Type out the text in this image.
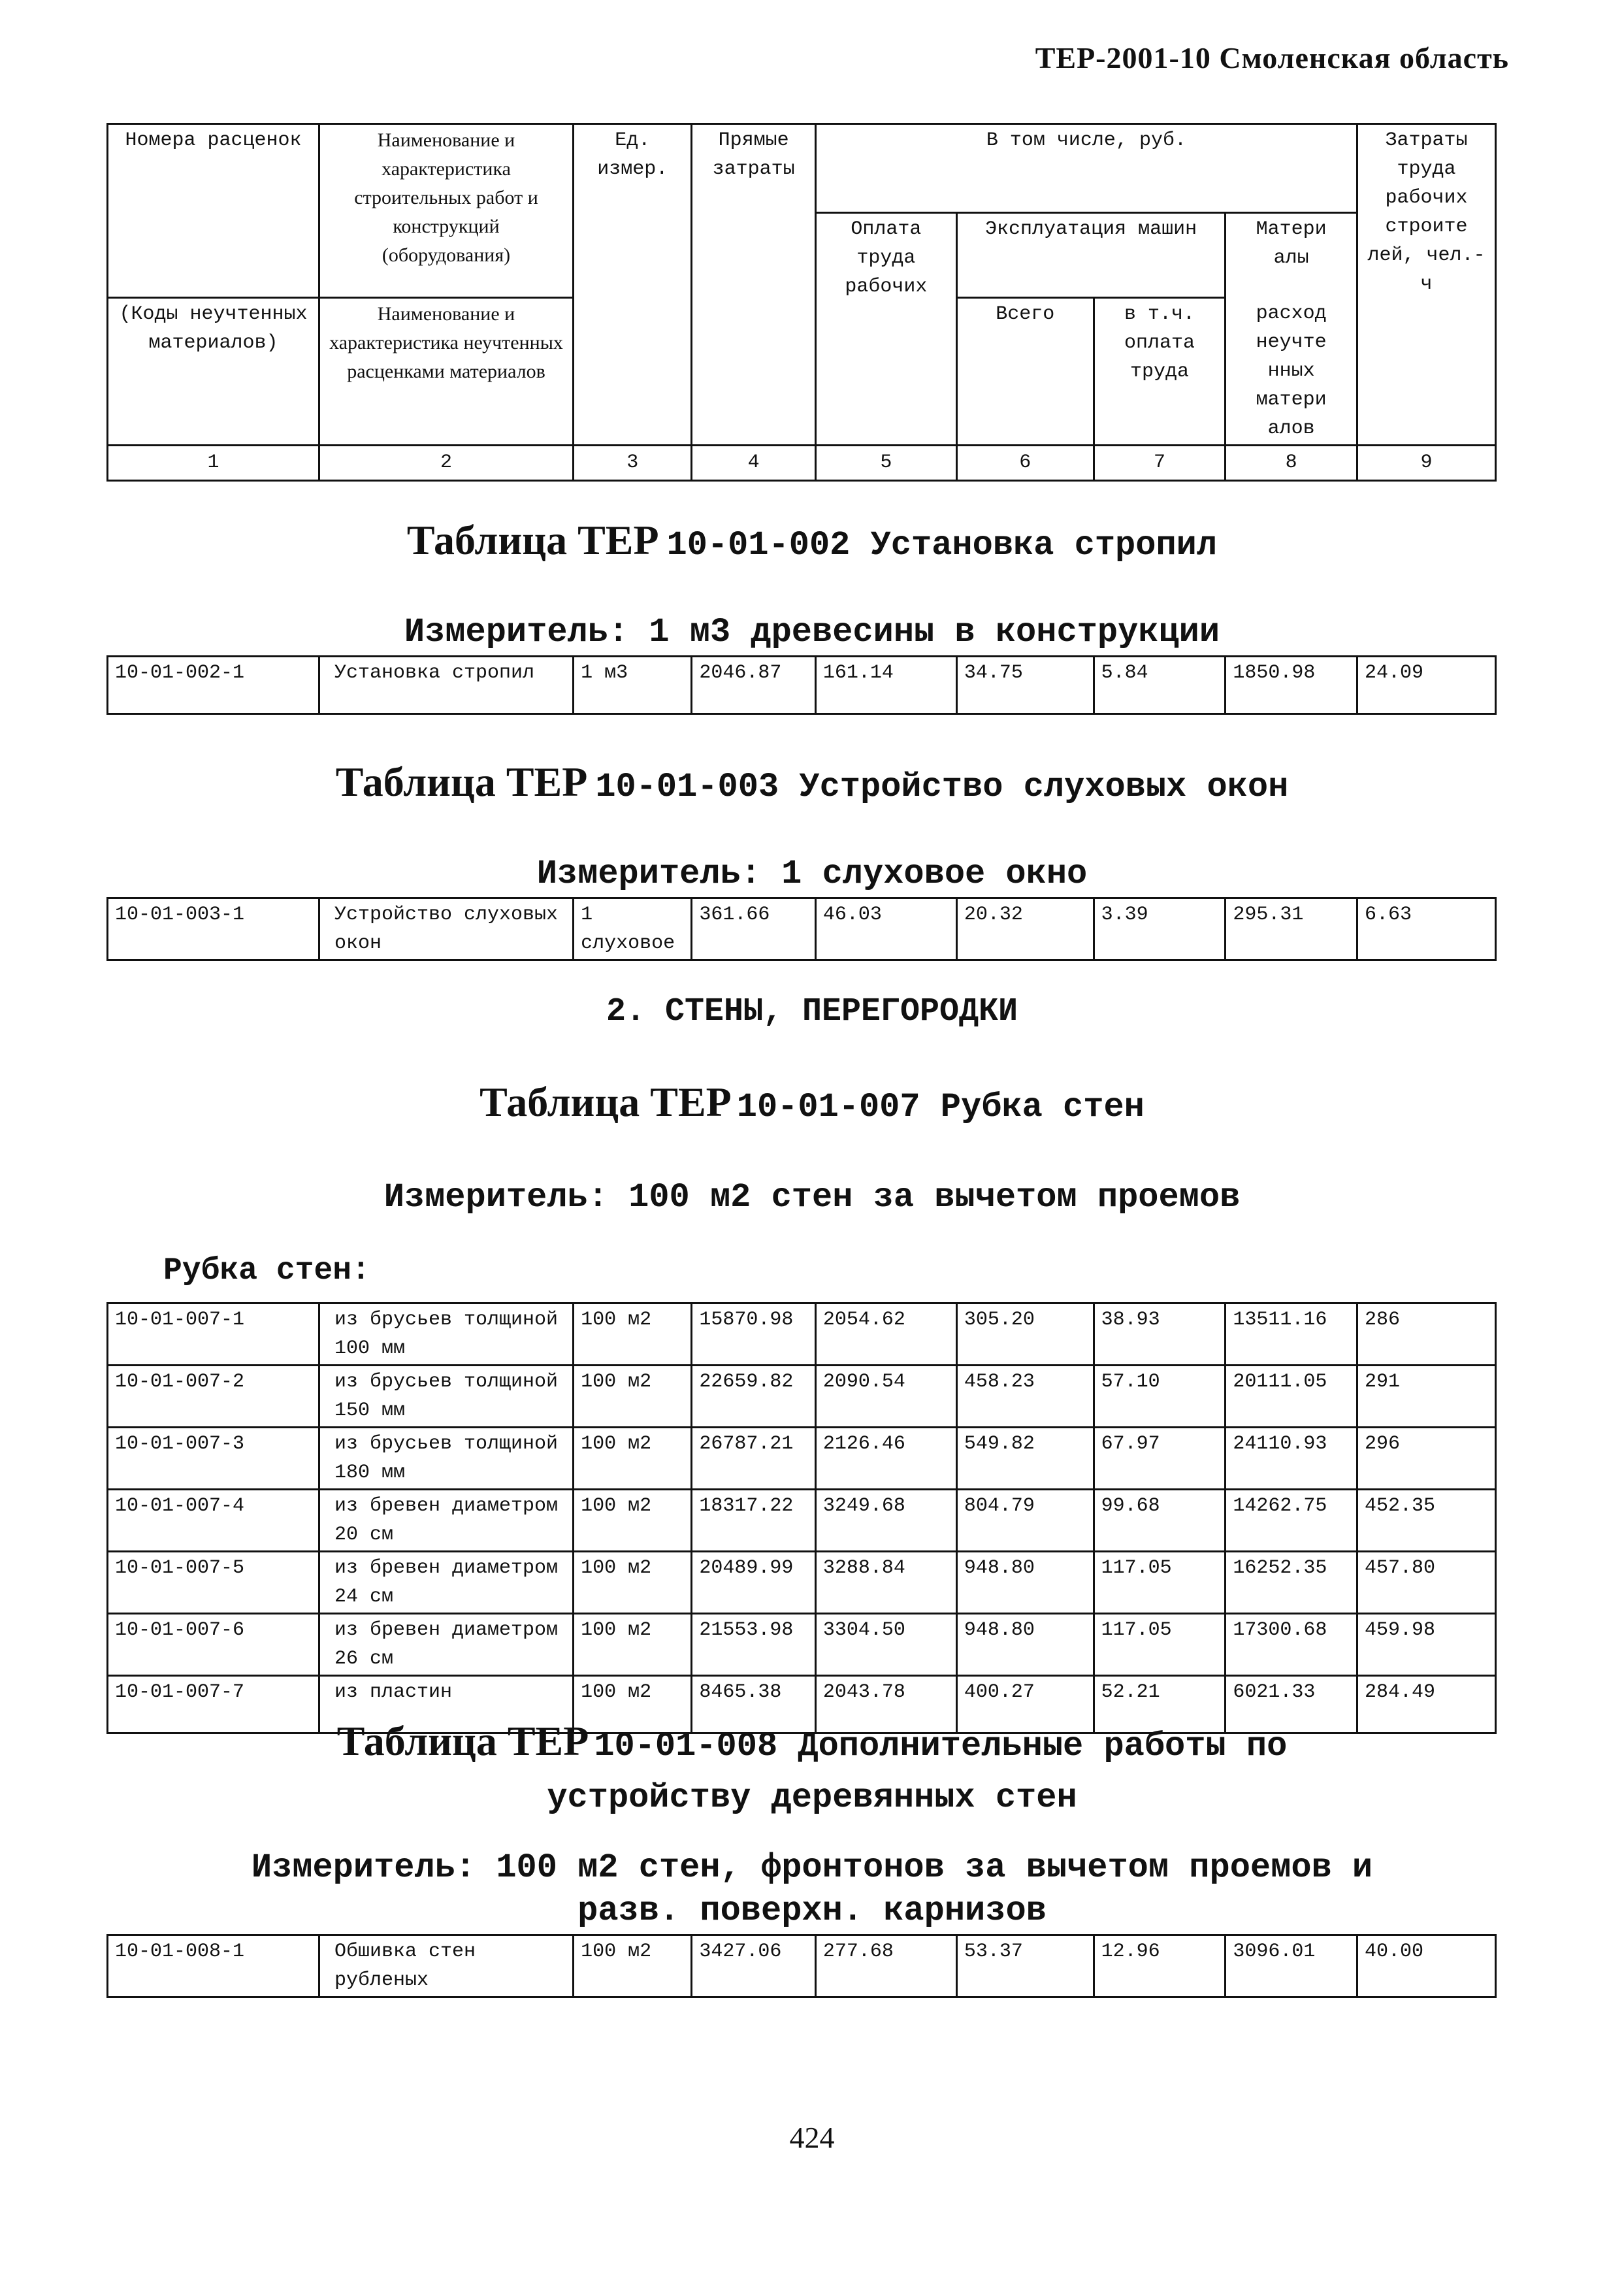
ТЕР-2001-10 Смоленская область
Номера расценок	Наименование и характеристика строительных работ и конструкций (оборудования)	Ед. измер.	Прямые затраты	В том числе, руб.				Затраты труда рабочих строите лей, чел.-ч
				Оплата труда рабочих	Эксплуатация машин		Матери алы	
(Коды неучтенных материалов)	Наименование и характеристика неучтенных расценками материалов				Всего	в т.ч. оплата труда	расход неучте нных матери алов	

1	2	3	4	5	6	7	8	9
Таблица ТЕР 10-01-002 Установка стропил
Измеритель: 1 м3 древесины в конструкции
10-01-002-1	Установка стропил	1 м3	2046.87	161.14	34.75	5.84	1850.98	24.09
Таблица ТЕР 10-01-003 Устройство слуховых окон
Измеритель: 1 слуховое окно
10-01-003-1	Устройство слуховых окон	1 слуховое	361.66	46.03	20.32	3.39	295.31	6.63
2. СТЕНЫ, ПЕРЕГОРОДКИ
Таблица ТЕР 10-01-007 Рубка стен
Измеритель: 100 м2 стен за вычетом проемов
Рубка стен:
10-01-007-1	из брусьев толщиной 100 мм	100 м2	15870.98	2054.62	305.20	38.93	13511.16	286
10-01-007-2	из брусьев толщиной 150 мм	100 м2	22659.82	2090.54	458.23	57.10	20111.05	291
10-01-007-3	из брусьев толщиной 180 мм	100 м2	26787.21	2126.46	549.82	67.97	24110.93	296
10-01-007-4	из бревен диаметром 20 см	100 м2	18317.22	3249.68	804.79	99.68	14262.75	452.35
10-01-007-5	из бревен диаметром 24 см	100 м2	20489.99	3288.84	948.80	117.05	16252.35	457.80
10-01-007-6	из бревен диаметром 26 см	100 м2	21553.98	3304.50	948.80	117.05	17300.68	459.98
10-01-007-7	из пластин	100 м2	8465.38	2043.78	400.27	52.21	6021.33	284.49
Таблица ТЕР 10-01-008 Дополнительные работы по
устройству деревянных стен
Измеритель: 100 м2 стен, фронтонов за вычетом проемов и
разв. поверхн. карнизов
10-01-008-1	Обшивка стен рубленых	100 м2	3427.06	277.68	53.37	12.96	3096.01	40.00
424
